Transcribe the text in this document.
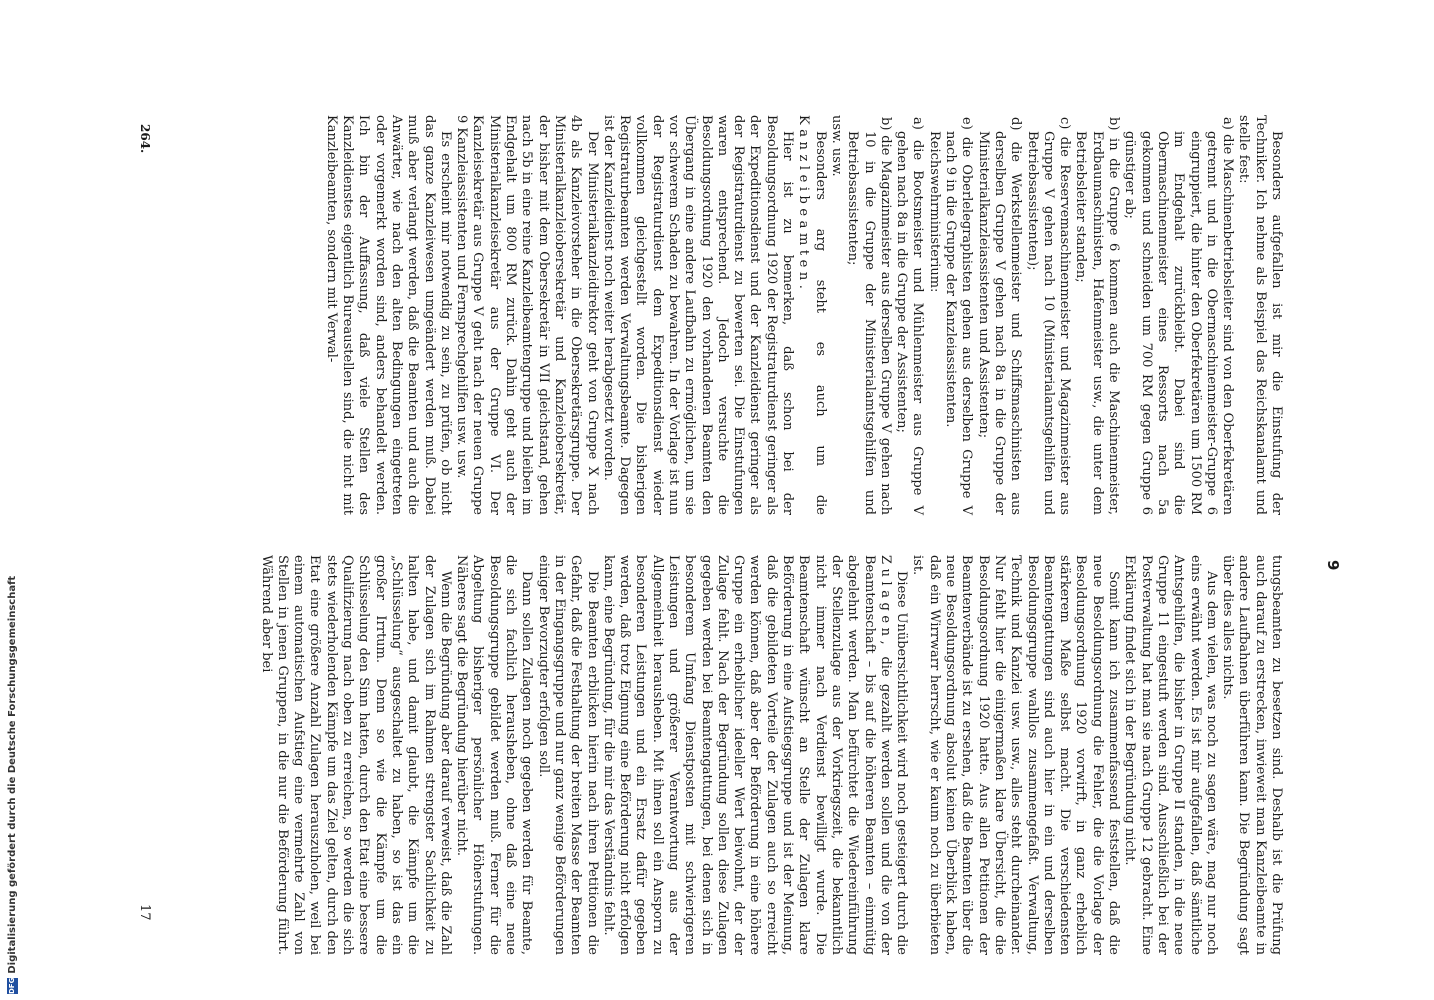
9

Besonders aufgefallen ist mir die Einstufung der Techniker. Ich nehme als Beispiel das Reichskanalamt und stelle fest:

a) die Maschinenbetriebsleiter sind von den Oberfekretären getrennt und in die Obermaschinenmeister-Gruppe 6 eingruppiert, die hinter den Oberfekretären um 1500 RM im Endgehalt zurückbleibt. Dabei sind die Obermaschinenmeister eines Ressorts nach 5a gekommen und schneiden um 700 RM gegen Gruppe 6 günstiger ab;

b) in die Gruppe 6 kommen auch die Maschinenmeister, Erdbaumaschinisten, Hafenmeister usw., die unter dem Betriebsleiter standen;

c) die Reservemaschinenmeister und Magazinmeister aus Gruppe V gehen nach 10 (Ministerialamtsgehilfen und Betriebsassistenten);

d) die Werkstellenmeister und Schiffsmaschinisten aus derselben Gruppe V gehen nach 8a in die Gruppe der Ministerialkanzleiassistenten und Assistenten;

e) die Oberlelegraphisten gehen aus derselben Gruppe V nach 9 in die Gruppe der Kanzleiassistenten.

Reichswehrministerium:

a) die Bootsmeister und Mühlenmeister aus Gruppe V gehen nach 8a in die Gruppe der Assistenten;

b) die Magazinmeister aus derselben Gruppe V gehen nach 10 in die Gruppe der Ministerialamtsgehilfen und Betriebsassistenten;

usw. usw.

Besonders arg steht es auch um die Kanzleibeamten.

Hier ist zu bemerken, daß schon bei der Besoldungsordnung 1920 der Registraturdienst geringer als der Expeditionsdienst und der Kanzleidienst geringer als der Registraturdienst zu bewerten sei. Die Einstufungen waren entsprechend. Jedoch versuchte die Besoldungsordnung 1920 den vorhandenen Beamten den Übergang in eine andere Laufbahn zu ermöglichen, um sie vor schwerem Schaden zu bewahren. In der Vorlage ist nun der Registraturdienst dem Expeditionsdienst wieder vollkommen gleichgestellt worden. Die bisherigen Registraturbeamten werden Verwaltungsbeamte. Dagegen ist der Kanzleidienst noch weiter herabgesetzt worden.

Der Ministerialkanzleidirektor geht von Gruppe X nach 4b als Kanzleivorsteher in die Obersekretärsgruppe. Der Ministerialkanzleiobersekretär und Kanzleiobersekretär, der bisher mit dem Obersekretär in VII gleichstand, gehen nach 5b in eine reine Kanzleibeamtengruppe und bleiben im Endgehalt um 800 RM zurück. Dahin geht auch der Ministerialkanzleisekretär aus der Gruppe VI. Der Kanzleisekretär aus Gruppe V geht nach der neuen Gruppe 9 Kanzleiassistenten und Fernsprechgehilfen usw. usw.

Es erscheint mir notwendig zu sein, zu prüfen, ob nicht das ganze Kanzleiwesen umgeändert werden muß. Dabei muß aber verlangt werden, daß die Beamten und auch die Anwärter, wie nach den alten Bedingungen eingetreten oder vorgemerkt worden sind, anders behandelt werden. Ich bin der Auffassung, daß viele Stellen des Kanzleidienstes eigentlich Bureaustellen sind, die nicht mit Kanzleibeamten, sondern mit Verwal-

tungsbeamten zu besetzen sind. Deshalb ist die Prüfung auch darauf zu erstrecken, inwieweit man Kanzleibeamte in andere Laufbahnen überführen kann. Die Begründung sagt über dies alles nichts.

Aus dem vielen, was noch zu sagen wäre, mag nur noch eins erwähnt werden. Es ist mir aufgefallen, daß sämtliche Amtsgehilfen, die bisher in Gruppe II standen, in die neue Gruppe 11 eingestuft werden sind. Ausschließlich bei der Postverwaltung hat man sie nach Gruppe 12 gebracht. Eine Erklärung findet sich in der Begründung nicht.

Somit kann ich zusammenfassend feststellen, daß die neue Besoldungsordnung die Fehler, die die Vorlage der Besoldungsordnung 1920 vorwirft, in ganz erheblich stärkerem Maße selbst macht. Die verschiedensten Beamtengattungen sind auch hier in ein und derselben Besoldungsgruppe wahllos zusammengefaßt. Verwaltung, Technik und Kanzlei usw. usw., alles steht durcheinander. Nur fehlt hier die einigermaßen klare Übersicht, die die Besoldungsordnung 1920 hatte. Aus allen Petitionen der Beamtenverbände ist zu ersehen, daß die Beamten über die neue Besoldungsordnung absolut keinen Überblick haben, daß ein Wirrwarr herrscht, wie er kaum noch zu überbieten ist.

Diese Unübersichtlichkeit wird noch gesteigert durch die Zulagen, die gezahlt werden sollen und die von der Beamtenschaft – bis auf die höheren Beamten – einmütig abgelehnt werden. Man befürchtet die Wiedereinführung der Stellenzulage aus der Vorkriegszeit, die bekanntlich nicht immer nach Verdienst bewilligt wurde. Die Beamtenschaft wünscht an Stelle der Zulagen klare Beförderung in eine Aufstiegsgruppe und ist der Meinung, daß die gebildeten Vorteile der Zulagen auch so erreicht werden können, daß aber der Beförderung in eine höhere Gruppe ein erheblicher ideeller Wert beiwohnt, der der Zulage fehlt. Nach der Begründung sollen diese Zulagen gegeben werden bei Beamtengattungen, bei denen sich in besonderem Umfang Dienstposten mit schwierigeren Leistungen und größerer Verantwortung aus der Allgemeinheit herausheben. Mit ihnen soll ein Ansporn zu besonderen Leistungen und ein Ersatz dafür gegeben werden, daß trotz Eignung eine Beförderung nicht erfolgen kann, eine Begründung, für die mir das Verständnis fehlt.

Die Beamten erblicken hierin nach ihren Petitionen die Gefahr, daß die Festhaltung der breiten Masse der Beamten in der Eingangsgruppe und nur ganz wenige Beförderungen einiger Bevorzugter erfolgen soll.

Dann sollen Zulagen noch gegeben werden für Beamte, die sich fachlich herausheben, ohne daß eine neue Besoldungsgruppe gebildet werden muß. Ferner für die Abgeltung bisheriger persönlicher Höherstufungen. Näheres sagt die Begründung hierüber nicht.

Wenn die Begründung aber darauf verweist, daß die Zahl der Zulagen sich im Rahmen strengster Sachlichkeit zu halten habe, und damit glaubt, die Kämpfe um die „Schlüsselung“ ausgeschaltet zu haben, so ist das ein großer Irrtum. Denn so wie die Kämpfe um die Schlüsselung den Sinn hatten, durch den Etat eine bessere Qualifizierung nach oben zu erreichen, so werden die sich stets wiederholenden Kämpfe um das Ziel gelten, durch den Etat eine größere Anzahl Zulagen herauszuholen, weil bei einem automatischen Aufstieg eine vermehrte Zahl von Stellen in jenen Gruppen, in die nur die Beförderung führt. Während aber bei

264.
17
DFG
Digitalisierung gefördert durch die Deutsche Forschungsgemeinschaft
